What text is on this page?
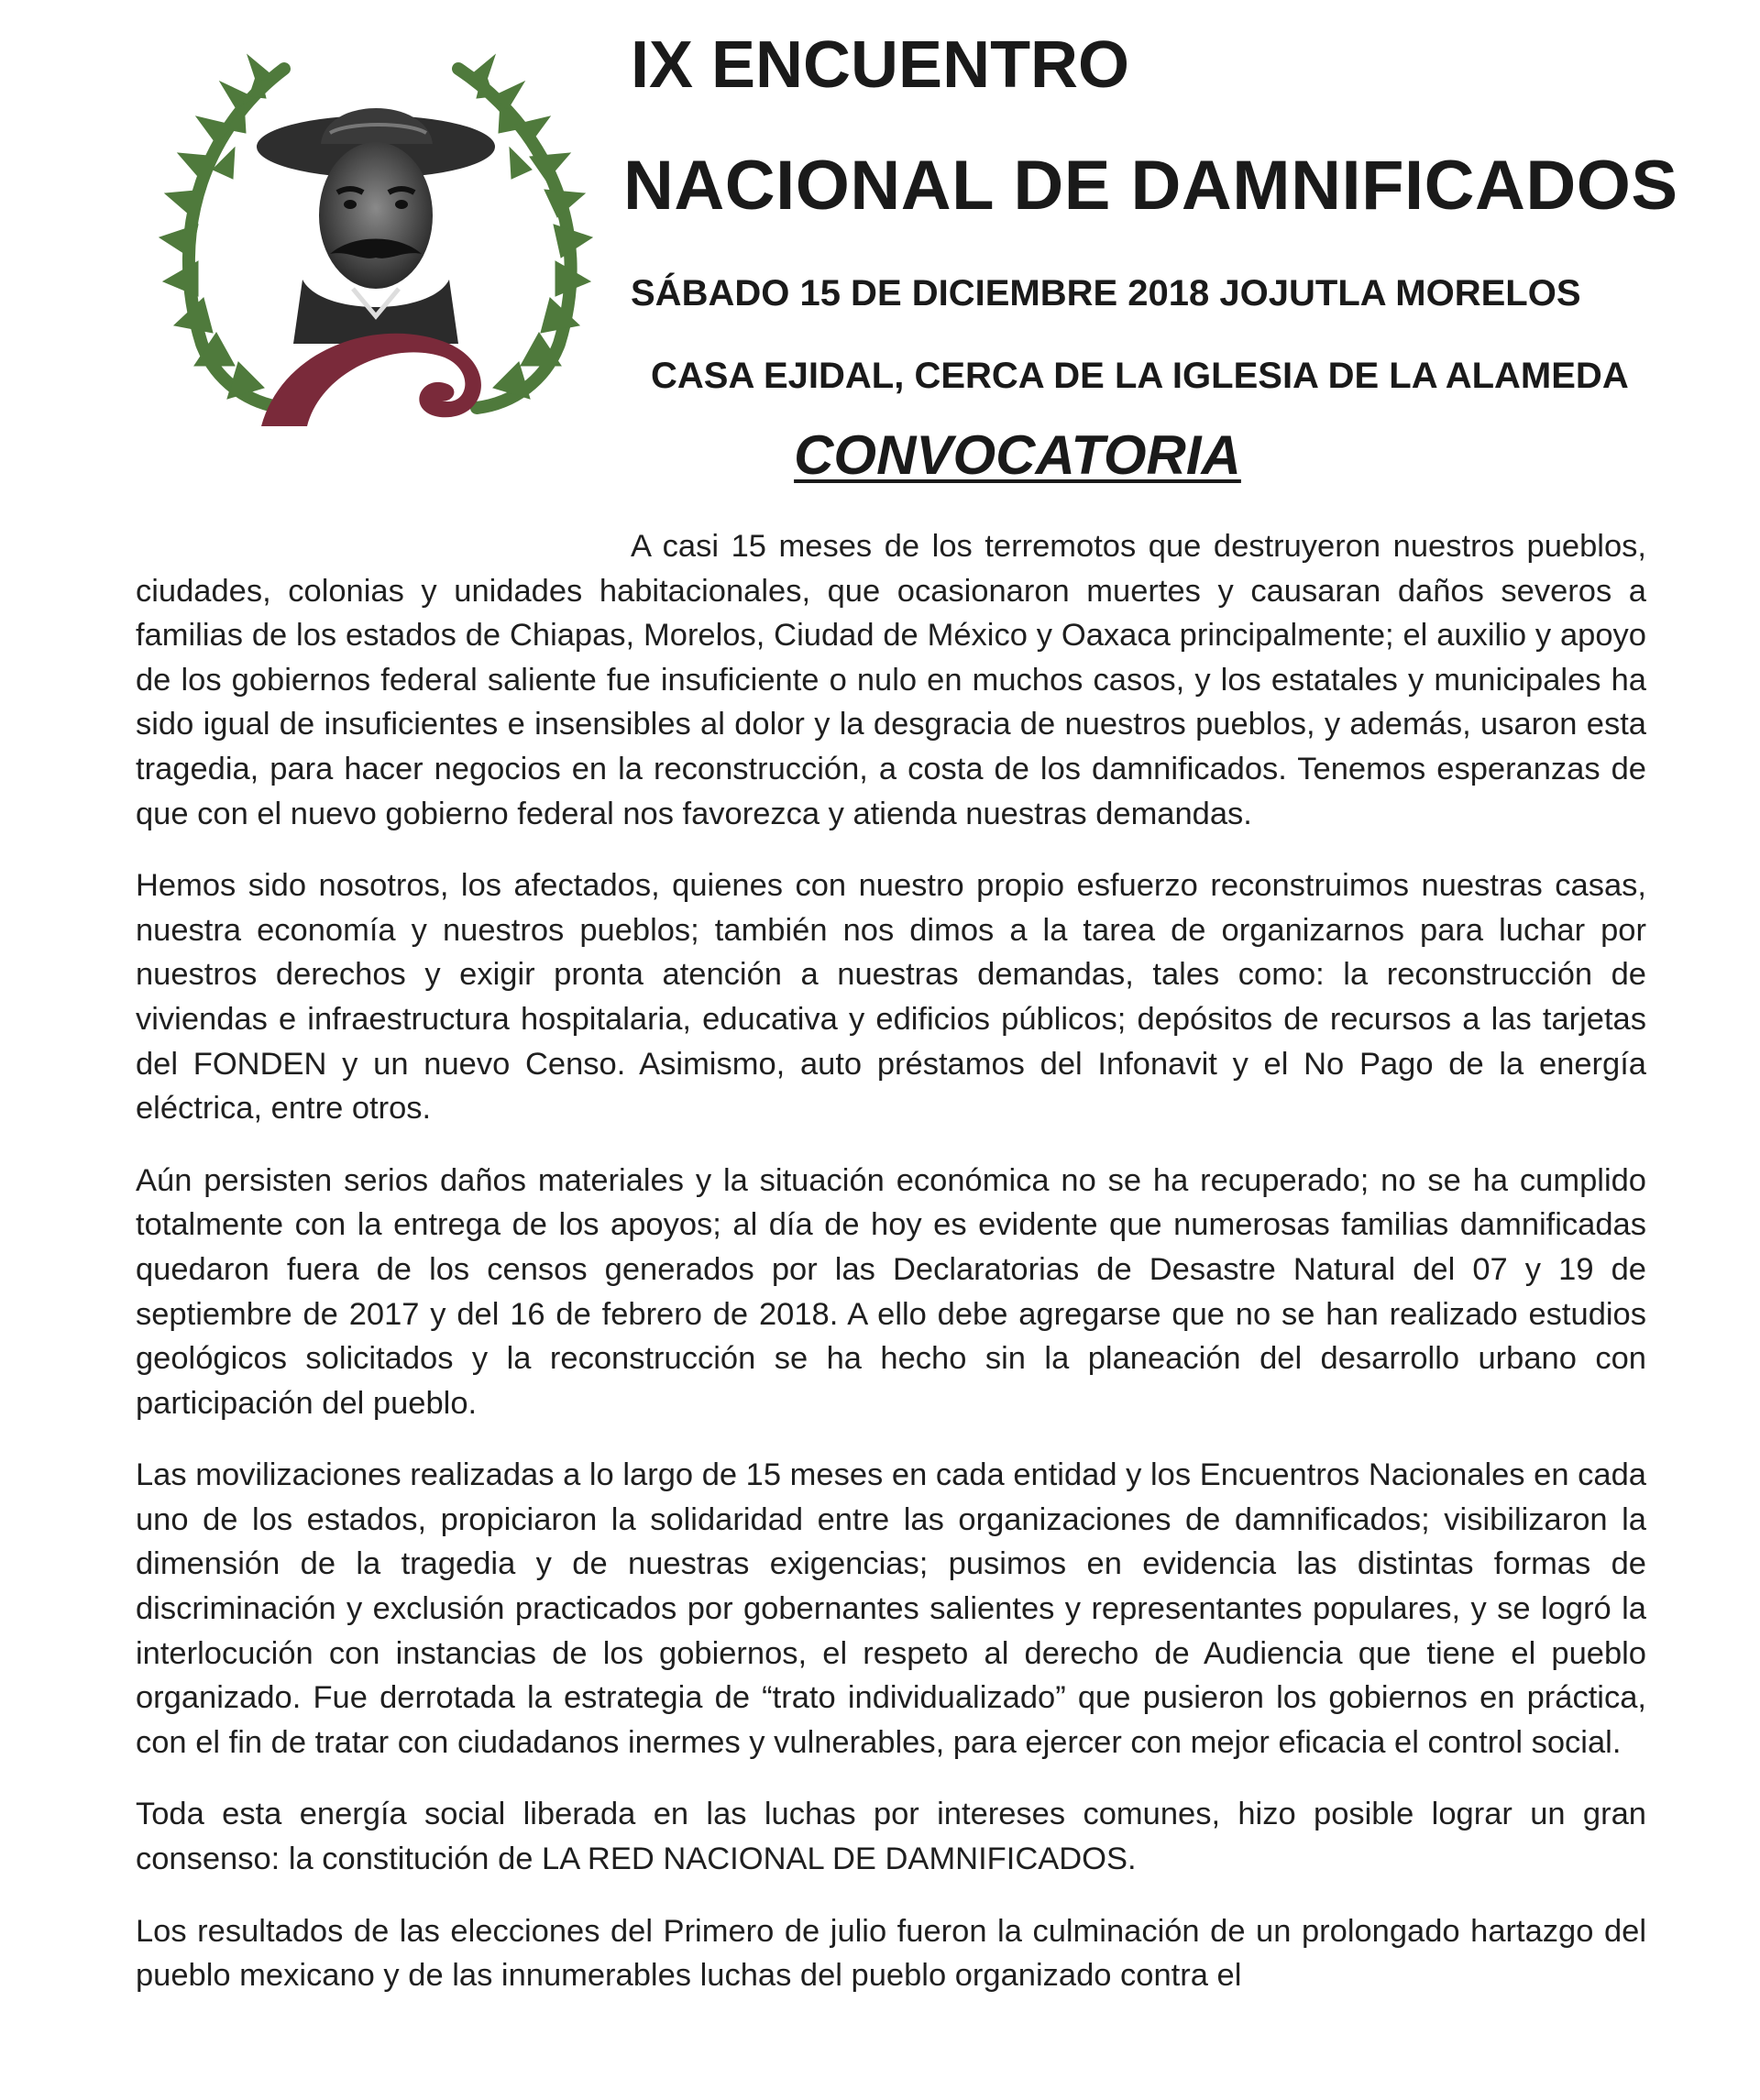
IX ENCUENTRO

NACIONAL DE DAMNIFICADOS

SÁBADO 15 DE DICIEMBRE 2018 JOJUTLA MORELOS

CASA EJIDAL, CERCA DE LA IGLESIA DE LA ALAMEDA

CONVOCATORIA

A casi 15 meses de los terremotos que destruyeron nuestros pueblos, ciudades, colonias y unidades habitacionales, que ocasionaron muertes y causaran daños severos a familias de los estados de Chiapas, Morelos, Ciudad de México y Oaxaca principalmente; el auxilio y apoyo de los gobiernos federal saliente fue insuficiente o nulo en muchos casos, y los estatales y municipales ha sido igual de insuficientes e insensibles al dolor y la desgracia de nuestros pueblos, y además, usaron esta tragedia, para hacer negocios en la reconstrucción, a costa de los damnificados. Tenemos esperanzas de que con el nuevo gobierno federal nos favorezca y atienda nuestras demandas.

Hemos sido nosotros, los afectados, quienes con nuestro propio esfuerzo reconstruimos nuestras casas, nuestra economía y nuestros pueblos; también nos dimos a la tarea de organizarnos para luchar por nuestros derechos y exigir pronta atención a nuestras demandas, tales como: la reconstrucción de viviendas e infraestructura hospitalaria, educativa y edificios públicos; depósitos de recursos a las tarjetas del FONDEN y un nuevo Censo. Asimismo, auto préstamos del Infonavit y el No Pago de la energía eléctrica, entre otros.

Aún persisten serios daños materiales y la situación económica no se ha recuperado; no se ha cumplido totalmente con la entrega de los apoyos; al día de hoy es evidente que numerosas familias damnificadas quedaron fuera de los censos generados por las Declaratorias de Desastre Natural del 07 y 19 de septiembre de 2017 y del 16 de febrero de 2018. A ello debe agregarse que no se han realizado estudios geológicos solicitados y la reconstrucción se ha hecho sin la planeación del desarrollo urbano con participación del pueblo.

Las movilizaciones realizadas a lo largo de 15 meses en cada entidad y los Encuentros Nacionales en cada uno de los estados, propiciaron la solidaridad entre las organizaciones de damnificados; visibilizaron la dimensión de la tragedia y de nuestras exigencias; pusimos en evidencia las distintas formas de discriminación y exclusión practicados por gobernantes salientes y representantes populares, y se logró la interlocución con instancias de los gobiernos, el respeto al derecho de Audiencia que tiene el pueblo organizado. Fue derrotada la estrategia de “trato individualizado” que pusieron los gobiernos en práctica, con el fin de tratar con ciudadanos inermes y vulnerables, para ejercer con mejor eficacia el control social.

Toda esta energía social liberada en las luchas por intereses comunes, hizo posible lograr un gran consenso: la constitución de LA RED NACIONAL DE DAMNIFICADOS.

Los resultados de las elecciones del Primero de julio fueron la culminación de un prolongado hartazgo del pueblo mexicano y de las innumerables luchas del pueblo organizado contra el
